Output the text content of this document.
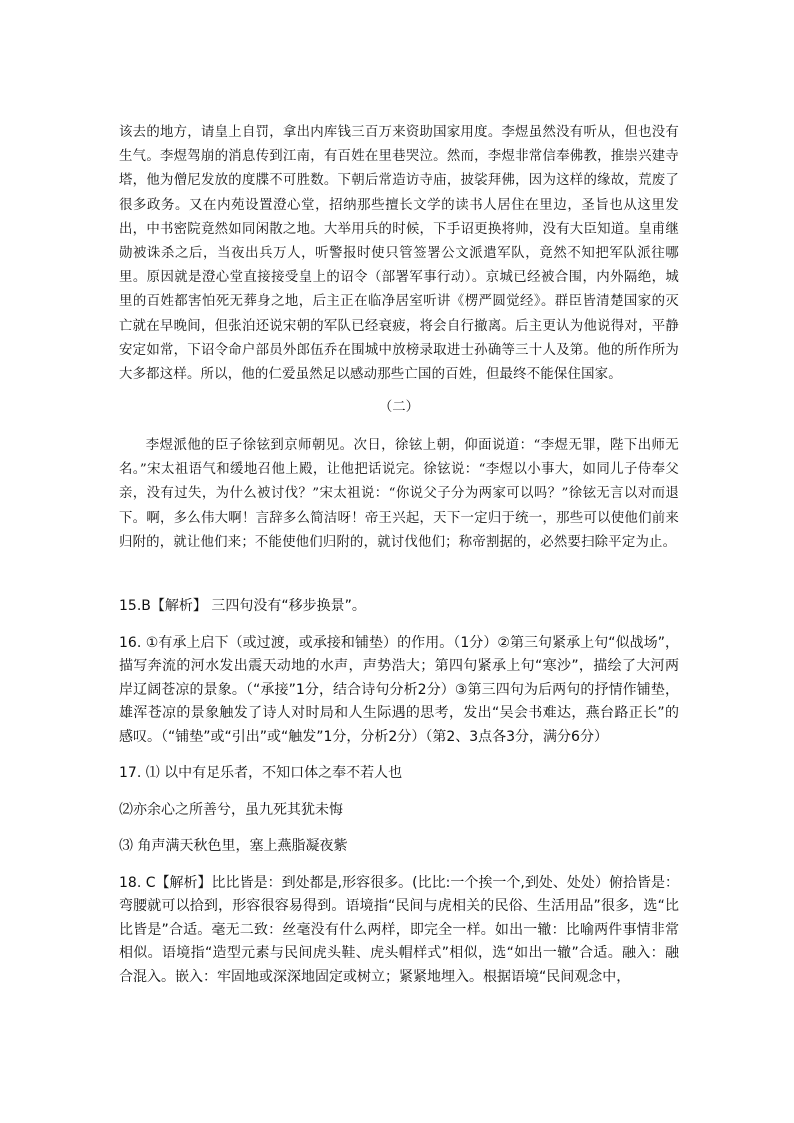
该去的地方，请皇上自罚，拿出内库钱三百万来资助国家用度。李煜虽然没有听从，但也没有生气。李煜驾崩的消息传到江南，有百姓在里巷哭泣。然而，李煜非常信奉佛教，推崇兴建寺塔，他为僧尼发放的度牒不可胜数。下朝后常造访寺庙，披裟拜佛，因为这样的缘故，荒废了很多政务。又在内苑设置澄心堂，招纳那些擅长文学的读书人居住在里边，圣旨也从这里发出，中书密院竟然如同闲散之地。大举用兵的时候，下手诏更换将帅，没有大臣知道。皇甫继勋被诛杀之后，当夜出兵万人，听警报时使只管签署公文派遣军队，竟然不知把军队派往哪里。原因就是澄心堂直接接受皇上的诏令（部署军事行动）。京城已经被合围，内外隔绝，城里的百姓都害怕死无葬身之地，后主正在临净居室听讲《楞严圆觉经》。群臣皆清楚国家的灭亡就在早晚间，但张泊还说宋朝的军队已经衰疲，将会自行撤离。后主更认为他说得对，平静安定如常，下诏令命户部员外郎伍乔在围城中放榜录取进士孙确等三十人及第。他的所作所为大多都这样。所以，他的仁爱虽然足以感动那些亡国的百姓，但最终不能保住国家。

（二）

李煜派他的臣子徐铉到京师朝见。次日，徐铉上朝，仰面说道：“李煜无罪，陛下出师无名。”宋太祖语气和缓地召他上殿，让他把话说完。徐铉说：“李煜以小事大，如同儿子侍奉父亲，没有过失，为什么被讨伐？”宋太祖说：“你说父子分为两家可以吗？”徐铉无言以对而退下。啊，多么伟大啊！言辞多么简洁呀！帝王兴起，天下一定归于统一，那些可以使他们前来归附的，就让他们来；不能使他们归附的，就讨伐他们；称帝割据的，必然要扫除平定为止。

15.B【解析】 三四句没有“移步换景”。

16. ①有承上启下（或过渡，或承接和铺垫）的作用。（1分）②第三句紧承上句“似战场”，描写奔流的河水发出震天动地的水声，声势浩大；第四句紧承上句“寒沙”，描绘了大河两岸辽阔苍凉的景象。（“承接”1分，结合诗句分析2分）③第三四句为后两句的抒情作铺垫，雄浑苍凉的景象触发了诗人对时局和人生际遇的思考，发出“吴会书难达，燕台路正长”的感叹。（“铺垫”或“引出”或“触发”1分，分析2分）（第2、3点各3分，满分6分）

17. ⑴ 以中有足乐者，不知口体之奉不若人也

⑵亦余心之所善兮，虽九死其犹未悔

⑶ 角声满天秋色里，塞上燕脂凝夜紫

18. C【解析】比比皆是：到处都是,形容很多。(比比:一个挨一个,到处、处处）俯拾皆是：弯腰就可以拾到，形容很容易得到。语境指“民间与虎相关的民俗、生活用品”很多，选“比比皆是”合适。毫无二致：丝毫没有什么两样，即完全一样。如出一辙：比喻两件事情非常相似。语境指“造型元素与民间虎头鞋、虎头帽样式”相似，选“如出一辙”合适。融入：融合混入。嵌入：牢固地或深深地固定或树立；紧紧地埋入。根据语境“民间观念中，
